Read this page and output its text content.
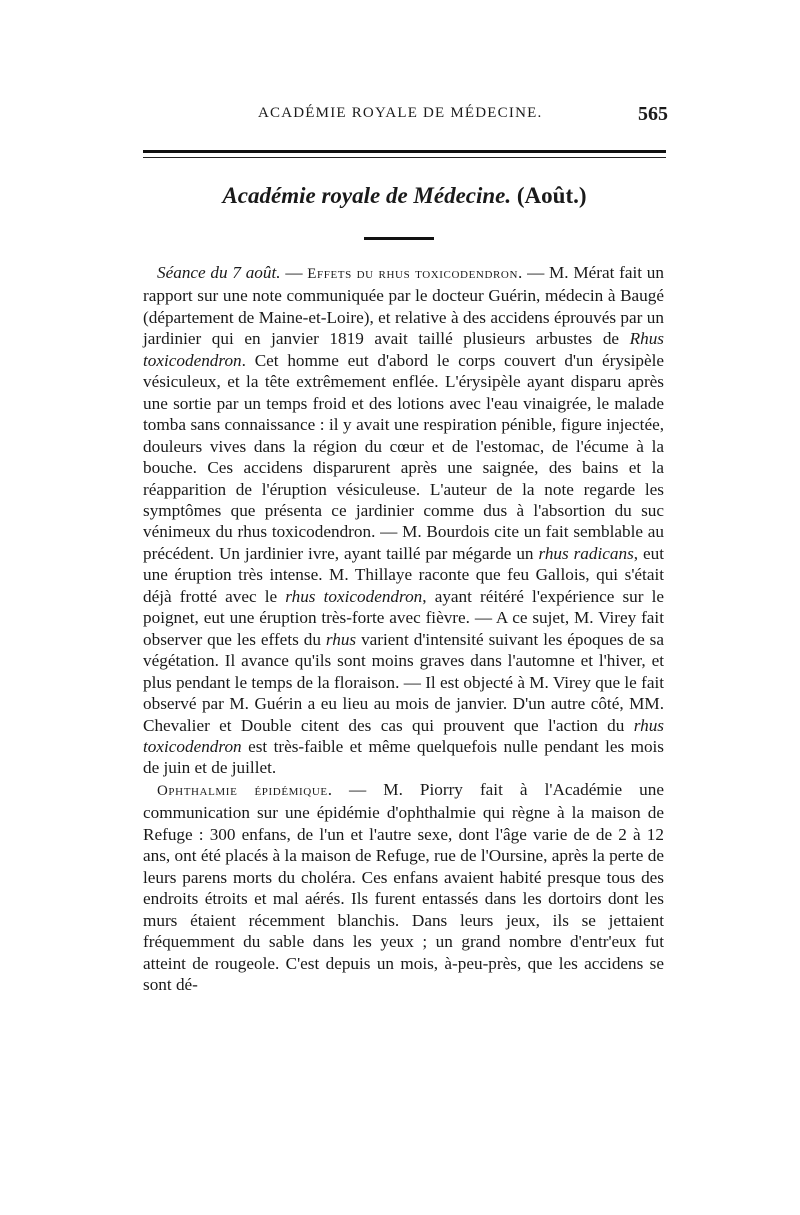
ACADÉMIE ROYALE DE MÉDECINE.	565
Académie royale de Médecine. (Août.)

Séance du 7 août. — Effets du rhus toxicodendron. — M. Mérat fait un rapport sur une note communiquée par le docteur Guérin, médecin à Baugé (département de Maine-et-Loire), et relative à des accidens éprouvés par un jardinier qui en janvier 1819 avait taillé plusieurs arbustes de Rhus toxicodendron. Cet homme eut d'abord le corps couvert d'un érysipèle vésiculeux, et la tête extrêmement enflée. L'érysipèle ayant disparu après une sortie par un temps froid et des lotions avec l'eau vinaigrée, le malade tomba sans connaissance : il y avait une respiration pénible, figure injectée, douleurs vives dans la région du cœur et de l'estomac, de l'écume à la bouche. Ces accidens disparurent après une saignée, des bains et la réapparition de l'éruption vésiculeuse. L'auteur de la note regarde les symptômes que présenta ce jardinier comme dus à l'absortion du suc vénimeux du rhus toxicodendron. — M. Bourdois cite un fait semblable au précédent. Un jardinier ivre, ayant taillé par mégarde un rhus radicans, eut une éruption très intense. M. Thillaye raconte que feu Gallois, qui s'était déjà frotté avec le rhus toxicodendron, ayant réitéré l'expérience sur le poignet, eut une éruption très-forte avec fièvre. — A ce sujet, M. Virey fait observer que les effets du rhus varient d'intensité suivant les époques de sa végétation. Il avance qu'ils sont moins graves dans l'automne et l'hiver, et plus pendant le temps de la floraison. — Il est objecté à M. Virey que le fait observé par M. Guérin a eu lieu au mois de janvier. D'un autre côté, MM. Chevalier et Double citent des cas qui prouvent que l'action du rhus toxicodendron est très-faible et même quelquefois nulle pendant les mois de juin et de juillet.

Ophthalmie épidémique. — M. Piorry fait à l'Académie une communication sur une épidémie d'ophthalmie qui règne à la maison de Refuge : 300 enfans, de l'un et l'autre sexe, dont l'âge varie de de 2 à 12 ans, ont été placés à la maison de Refuge, rue de l'Oursine, après la perte de leurs parens morts du choléra. Ces enfans avaient habité presque tous des endroits étroits et mal aérés. Ils furent entassés dans les dortoirs dont les murs étaient récemment blanchis. Dans leurs jeux, ils se jettaient fréquemment du sable dans les yeux ; un grand nombre d'entr'eux fut atteint de rougeole. C'est depuis un mois, à-peu-près, que les accidens se sont dé-
